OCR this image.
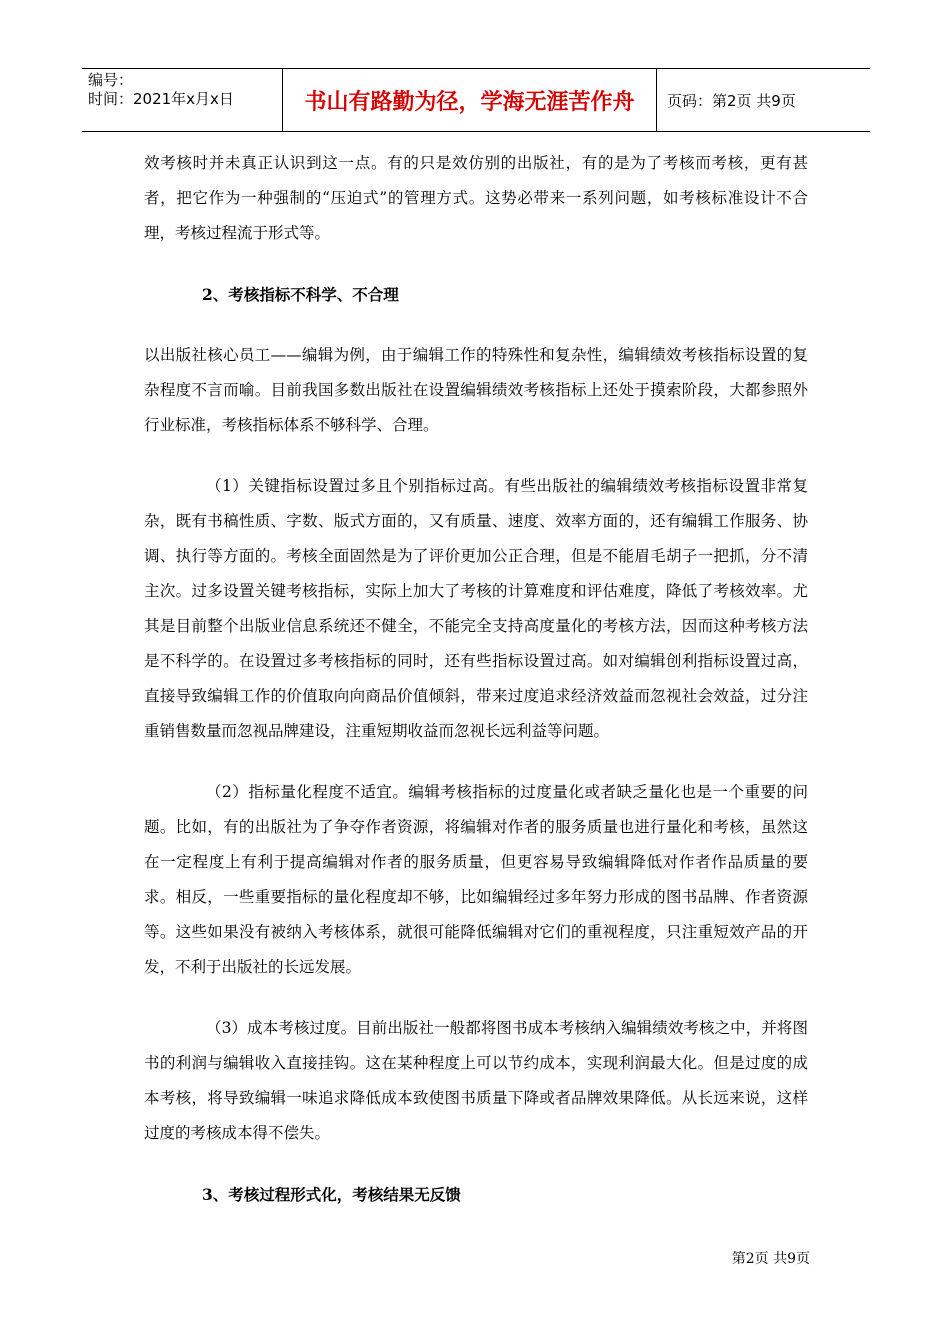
编号：
时间：2021年x月x日	书山有路勤为径，学海无涯苦作舟	页码：第2页 共9页

效考核时并未真正认识到这一点。有的只是效仿别的出版社，有的是为了考核而考核，更有甚者，把它作为一种强制的“压迫式”的管理方式。这势必带来一系列问题，如考核标准设计不合理，考核过程流于形式等。

2、考核指标不科学、不合理

以出版社核心员工——编辑为例，由于编辑工作的特殊性和复杂性，编辑绩效考核指标设置的复杂程度不言而喻。目前我国多数出版社在设置编辑绩效考核指标上还处于摸索阶段，大都参照外行业标准，考核指标体系不够科学、合理。

（1）关键指标设置过多且个别指标过高。有些出版社的编辑绩效考核指标设置非常复杂，既有书稿性质、字数、版式方面的，又有质量、速度、效率方面的，还有编辑工作服务、协调、执行等方面的。考核全面固然是为了评价更加公正合理，但是不能眉毛胡子一把抓，分不清主次。过多设置关键考核指标，实际上加大了考核的计算难度和评估难度，降低了考核效率。尤其是目前整个出版业信息系统还不健全，不能完全支持高度量化的考核方法，因而这种考核方法是不科学的。在设置过多考核指标的同时，还有些指标设置过高。如对编辑创利指标设置过高，直接导致编辑工作的价值取向向商品价值倾斜，带来过度追求经济效益而忽视社会效益，过分注重销售数量而忽视品牌建设，注重短期收益而忽视长远利益等问题。

（2）指标量化程度不适宜。编辑考核指标的过度量化或者缺乏量化也是一个重要的问题。比如，有的出版社为了争夺作者资源，将编辑对作者的服务质量也进行量化和考核，虽然这在一定程度上有利于提高编辑对作者的服务质量，但更容易导致编辑降低对作者作品质量的要求。相反，一些重要指标的量化程度却不够，比如编辑经过多年努力形成的图书品牌、作者资源等。这些如果没有被纳入考核体系，就很可能降低编辑对它们的重视程度，只注重短效产品的开发，不利于出版社的长远发展。

（3）成本考核过度。目前出版社一般都将图书成本考核纳入编辑绩效考核之中，并将图书的利润与编辑收入直接挂钩。这在某种程度上可以节约成本，实现利润最大化。但是过度的成本考核，将导致编辑一味追求降低成本致使图书质量下降或者品牌效果降低。从长远来说，这样过度的考核成本得不偿失。

3、考核过程形式化，考核结果无反馈

第2页 共9页
